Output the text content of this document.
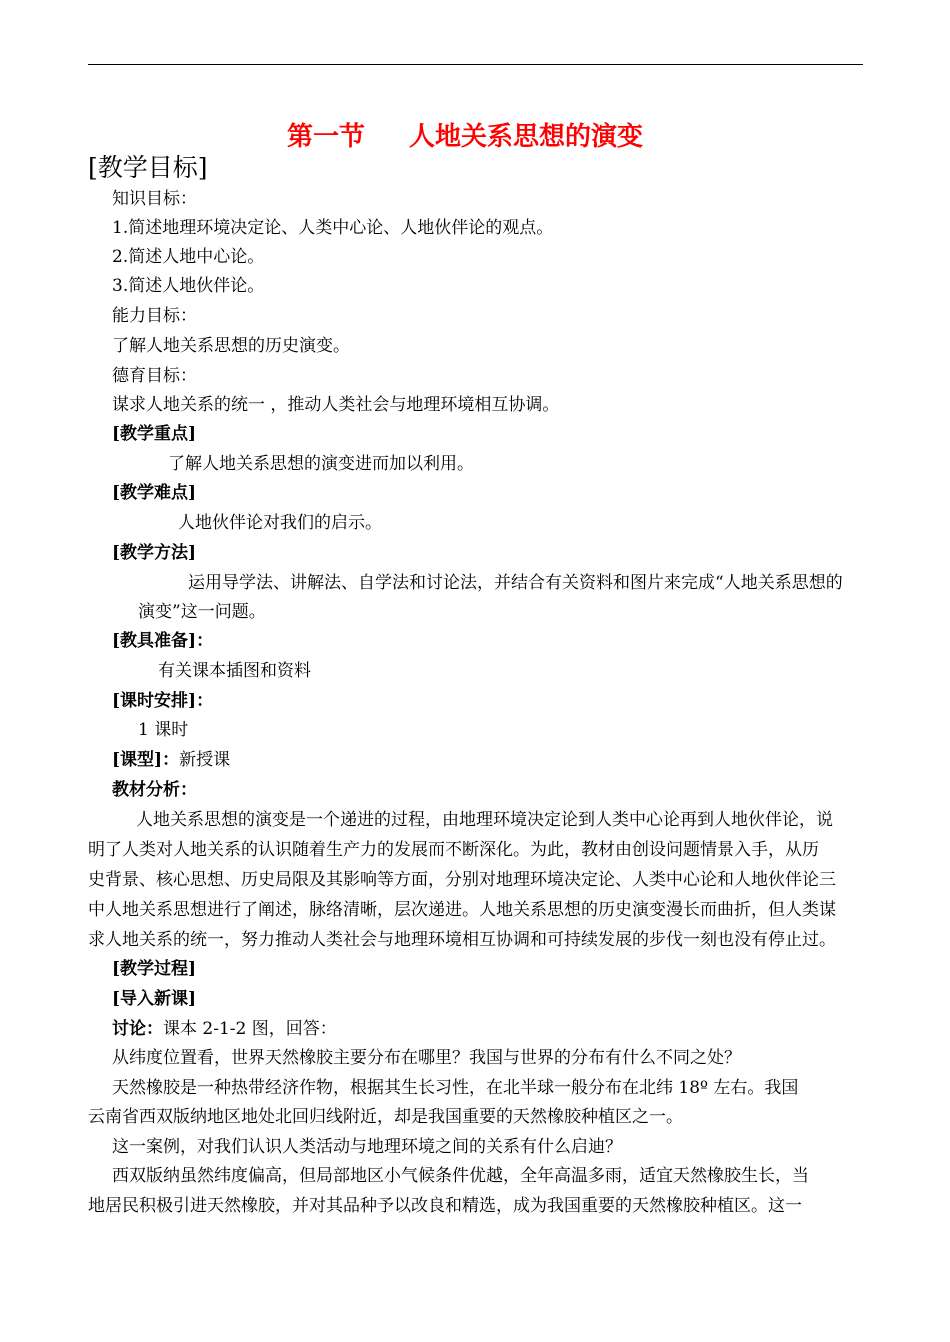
第一节 人地关系思想的演变
[教学目标]
知识目标：
1.简述地理环境决定论、人类中心论、人地伙伴论的观点。
2.简述人地中心论。
3.简述人地伙伴论。
能力目标：
了解人地关系思想的历史演变。
德育目标：
谋求人地关系的统一 ，推动人类社会与地理环境相互协调。
[教学重点]
了解人地关系思想的演变进而加以利用。
[教学难点]
人地伙伴论对我们的启示。
[教学方法]
运用导学法、讲解法、自学法和讨论法，并结合有关资料和图片来完成“人地关系思想的
演变”这一问题。
[教具准备]：
有关课本插图和资料
[课时安排]：
1 课时
[课型]：新授课
教材分析：
人地关系思想的演变是一个递进的过程，由地理环境决定论到人类中心论再到人地伙伴论，说
明了人类对人地关系的认识随着生产力的发展而不断深化。为此，教材由创设问题情景入手，从历
史背景、核心思想、历史局限及其影响等方面，分别对地理环境决定论、人类中心论和人地伙伴论三
中人地关系思想进行了阐述，脉络清晰，层次递进。人地关系思想的历史演变漫长而曲折，但人类谋
求人地关系的统一，努力推动人类社会与地理环境相互协调和可持续发展的步伐一刻也没有停止过。
[教学过程]
[导入新课]
讨论：课本 2-1-2 图，回答：
从纬度位置看，世界天然橡胶主要分布在哪里？我国与世界的分布有什么不同之处？
天然橡胶是一种热带经济作物，根据其生长习性，在北半球一般分布在北纬 18º 左右。我国
云南省西双版纳地区地处北回归线附近，却是我国重要的天然橡胶种植区之一。
这一案例，对我们认识人类活动与地理环境之间的关系有什么启迪？
西双版纳虽然纬度偏高，但局部地区小气候条件优越，全年高温多雨，适宜天然橡胶生长，当
地居民积极引进天然橡胶，并对其品种予以改良和精选，成为我国重要的天然橡胶种植区。这一
